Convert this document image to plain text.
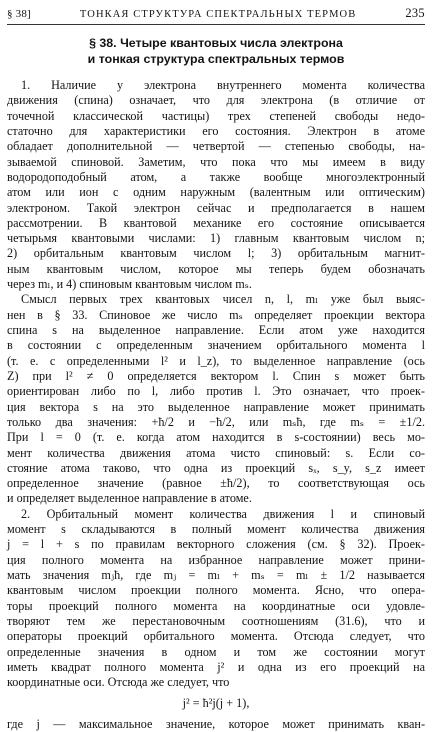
§ 38]	ТОНКАЯ СТРУКТУРА СПЕКТРАЛЬНЫХ ТЕРМОВ	235
§ 38. Четыре квантовых числа электрона
и тонкая структура спектральных термов
1. Наличие у электрона внутреннего момента количества
движения (спина) означает, что для электрона (в отличие от
точечной классической частицы) трех степеней свободы недо-
статочно для характеристики его состояния. Электрон в атоме
обладает дополнительной — четвертой — степенью свободы, на-
зываемой спиновой. Заметим, что пока что мы имеем в виду
водородоподобный атом, а также вообще многоэлектронный
атом или ион с одним наружным (валентным или оптическим)
электроном. Такой электрон сейчас и предполагается в нашем
рассмотрении. В квантовой механике его состояние описывается
четырьмя квантовыми числами: 1) главным квантовым числом n;
2) орбитальным квантовым числом l; 3) орбитальным магнит-
ным квантовым числом, которое мы теперь будем обозначать
через mₗ, и 4) спиновым квантовым числом mₛ.
Смысл первых трех квантовых чисел n, l, mₗ уже был выяс-
нен в § 33. Спиновое же число mₛ определяет проекции вектора
спина s на выделенное направление. Если атом уже находится
в состоянии с определенным значением орбитального момента l
(т. е. с определенными l² и l_z), то выделенное направление (ось
Z) при l² ≠ 0 определяется вектором l. Спин s может быть
ориентирован либо по l, либо против l. Это означает, что проек-
ция вектора s на это выделенное направление может принимать
только два значения: +ħ/2 и −ħ/2, или mₛħ, где mₛ = ±1/2.
При l = 0 (т. е. когда атом находится в s-состоянии) весь мо-
мент количества движения атома чисто спиновый: s. Если со-
стояние атома таково, что одна из проекций sₓ, s_y, s_z имеет
определенное значение (равное ±ħ/2), то соответствующая ось
и определяет выделенное направление в атоме.
2. Орбитальный момент количества движения l и спиновый
момент s складываются в полный момент количества движения
j = l + s по правилам векторного сложения (см. § 32). Проек-
ция полного момента на избранное направление может прини-
мать значения mⱼħ, где mⱼ = mₗ + mₛ = mₗ ± 1/2 называется
квантовым числом проекции полного момента. Ясно, что опера-
торы проекций полного момента на координатные оси удовле-
творяют тем же перестановочным соотношениям (31.6), что и
операторы проекций орбитального момента. Отсюда следует, что
определенные значения в одном и том же состоянии могут
иметь квадрат полного момента j² и одна из его проекций на
координатные оси. Отсюда же следует, что
j² = ħ²j(j + 1),
где j — максимальное значение, которое может принимать кван-
